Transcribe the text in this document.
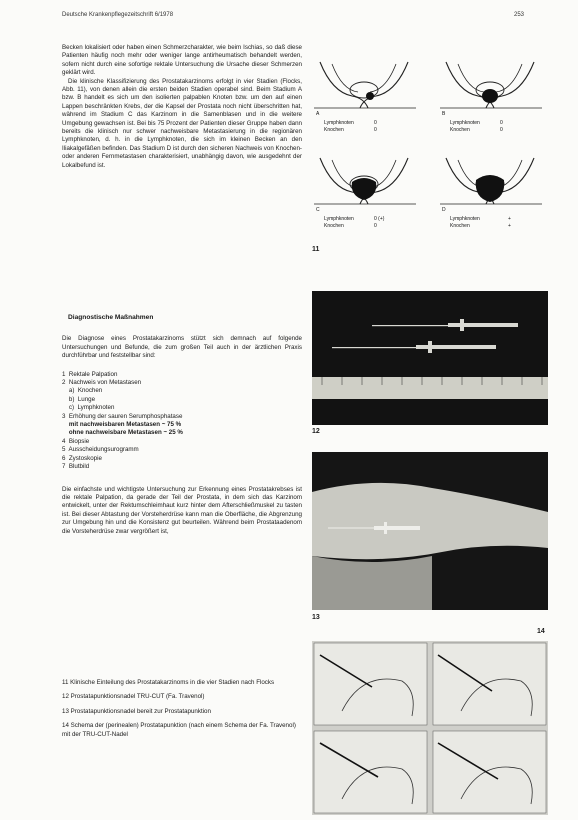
Deutsche Krankenpflegezeitschrift 6/1978	253

Becken lokalisiert oder haben einen Schmerzcharakter, wie beim Ischias, so daß diese Patienten häufig noch mehr oder weniger lange antirheumatisch behandelt werden, sofern nicht durch eine sofortige rektale Untersuchung die Ursache dieser Schmerzen geklärt wird.

Die klinische Klassifizierung des Prostatakarzinoms erfolgt in vier Stadien (Flocks, Abb. 11), von denen allein die ersten beiden Stadien operabel sind. Beim Stadium A bzw. B handelt es sich um den isolierten palpablen Knoten bzw. um den auf einen Lappen beschränkten Krebs, der die Kapsel der Prostata noch nicht überschritten hat, während im Stadium C das Karzinom in die Samenblasen und in die weitere Umgebung gewachsen ist. Bei bis 75 Prozent der Patienten dieser Gruppe haben dann bereits die klinisch nur schwer nachweisbare Metastasierung in die regionären Lymphknoten, d. h. in die Lymphknoten, die sich im kleinen Becken an den Iliakalgefäßen befinden. Das Stadium D ist durch den sicheren Nachweis von Knochen- oder anderen Fernmetastasen charakterisiert, unabhängig davon, wie ausgedehnt der Lokalbefund ist.

Diagnostische Maßnahmen

Die Diagnose eines Prostatakarzinoms stützt sich demnach auf folgende Untersuchungen und Befunde, die zum großen Teil auch in der ärztlichen Praxis durchführbar und feststellbar sind:

1  Rektale Palpation
2  Nachweis von Metastasen
a)  Knochen
b)  Lunge
c)  Lymphknoten
3  Erhöhung der sauren Serumphosphatase
mit nachweisbaren Metastasen ~ 75 %
ohne nachweisbare Metastasen ~ 25 %
4  Biopsie
5  Ausscheidungsurogramm
6  Zystoskopie
7  Blutbild

Die einfachste und wichtigste Untersuchung zur Erkennung eines Prostatakrebses ist die rektale Palpation, da gerade der Teil der Prostata, in dem sich das Karzinom entwickelt, unter der Rektumschleimhaut kurz hinter dem Afterschließmuskel zu tasten ist. Bei dieser Abtastung der Vorsteherdrüse kann man die Oberfläche, die Abgrenzung zur Umgebung hin und die Konsistenz gut beurteilen. Während beim Prostataadenom die Vorsteherdrüse zwar vergrößert ist,

11 Klinische Einteilung des Prostatakarzinoms in die vier Stadien nach Flocks
12 Prostatapunktionsnadel TRU-CUT (Fa. Travenol)
13 Prostatapunktionsnadel bereit zur Prostatapunktion
14 Schema der (perinealen) Prostatapunktion (nach einem Schema der Fa. Travenol) mit der TRU-CUT-Nadel
A
Lymphknoten	0
Knochen	0
B
Lymphknoten	0
Knochen	0
C
Lymphknoten	0 (+)
Knochen	0
D
Lymphknoten	+
Knochen	+
11
12
13
14
